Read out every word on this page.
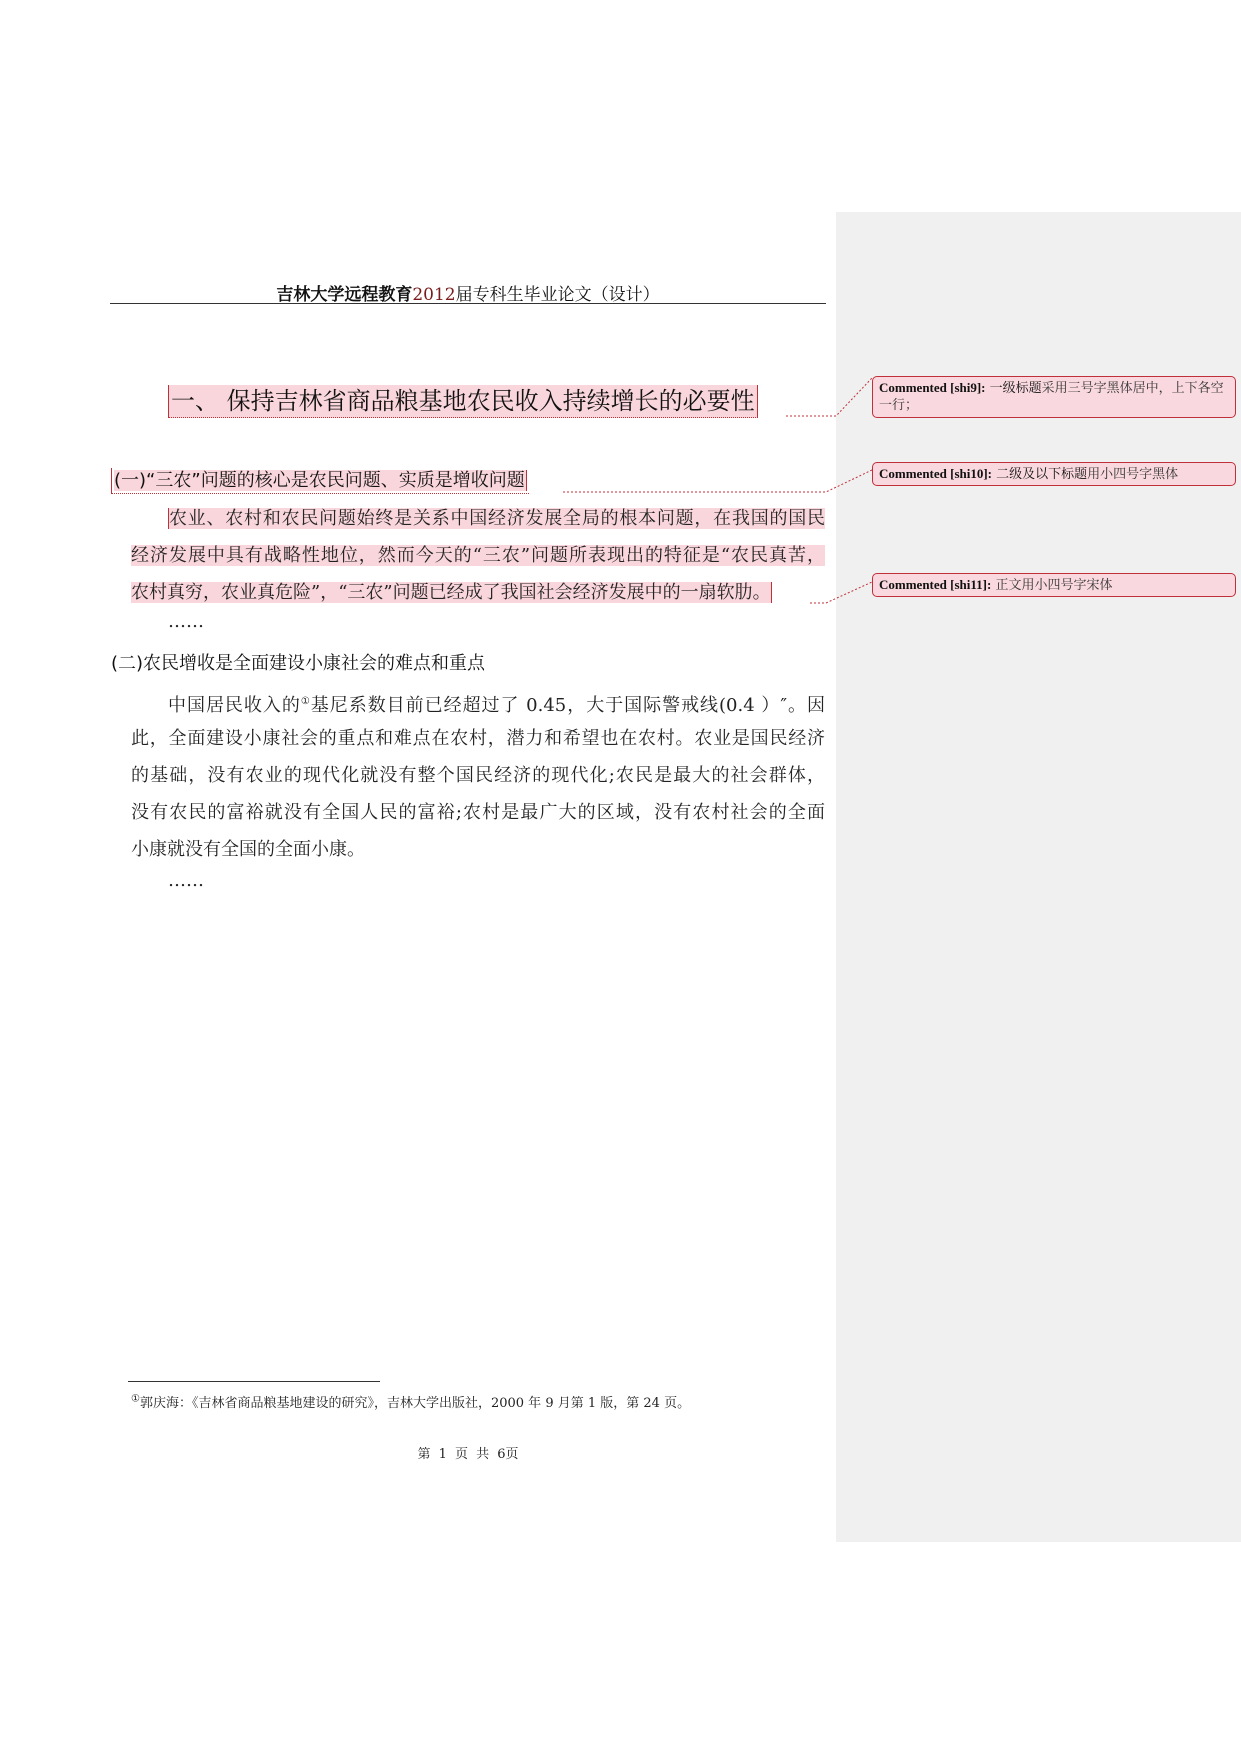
吉林大学远程教育2012届专科生毕业论文（设计）
一、 保持吉林省商品粮基地农民收入持续增长的必要性
(一)“三农”问题的核心是农民问题、实质是增收问题
农业、农村和农民问题始终是关系中国经济发展全局的根本问题，在我国的国民
经济发展中具有战略性地位，然而今天的“三农”问题所表现出的特征是“农民真苦，
农村真穷，农业真危险”，“三农”问题已经成了我国社会经济发展中的一扇软肋。
……
(二)农民增收是全面建设小康社会的难点和重点
中国居民收入的①基尼系数目前已经超过了 0.45，大于国际警戒线(0.4 ）″。因
此，全面建设小康社会的重点和难点在农村，潜力和希望也在农村。农业是国民经济
的基础，没有农业的现代化就没有整个国民经济的现代化;农民是最大的社会群体，
没有农民的富裕就没有全国人民的富裕;农村是最广大的区域，没有农村社会的全面
小康就没有全国的全面小康。
……
①郭庆海：《吉林省商品粮基地建设的研究》，吉林大学出版社，2000 年 9 月第 1 版，第 24 页。
第 1 页 共 6页
Commented [shi9]: 一级标题采用三号字黑体居中，上下各空一行；
Commented [shi10]: 二级及以下标题用小四号字黑体
Commented [shi11]: 正文用小四号字宋体
